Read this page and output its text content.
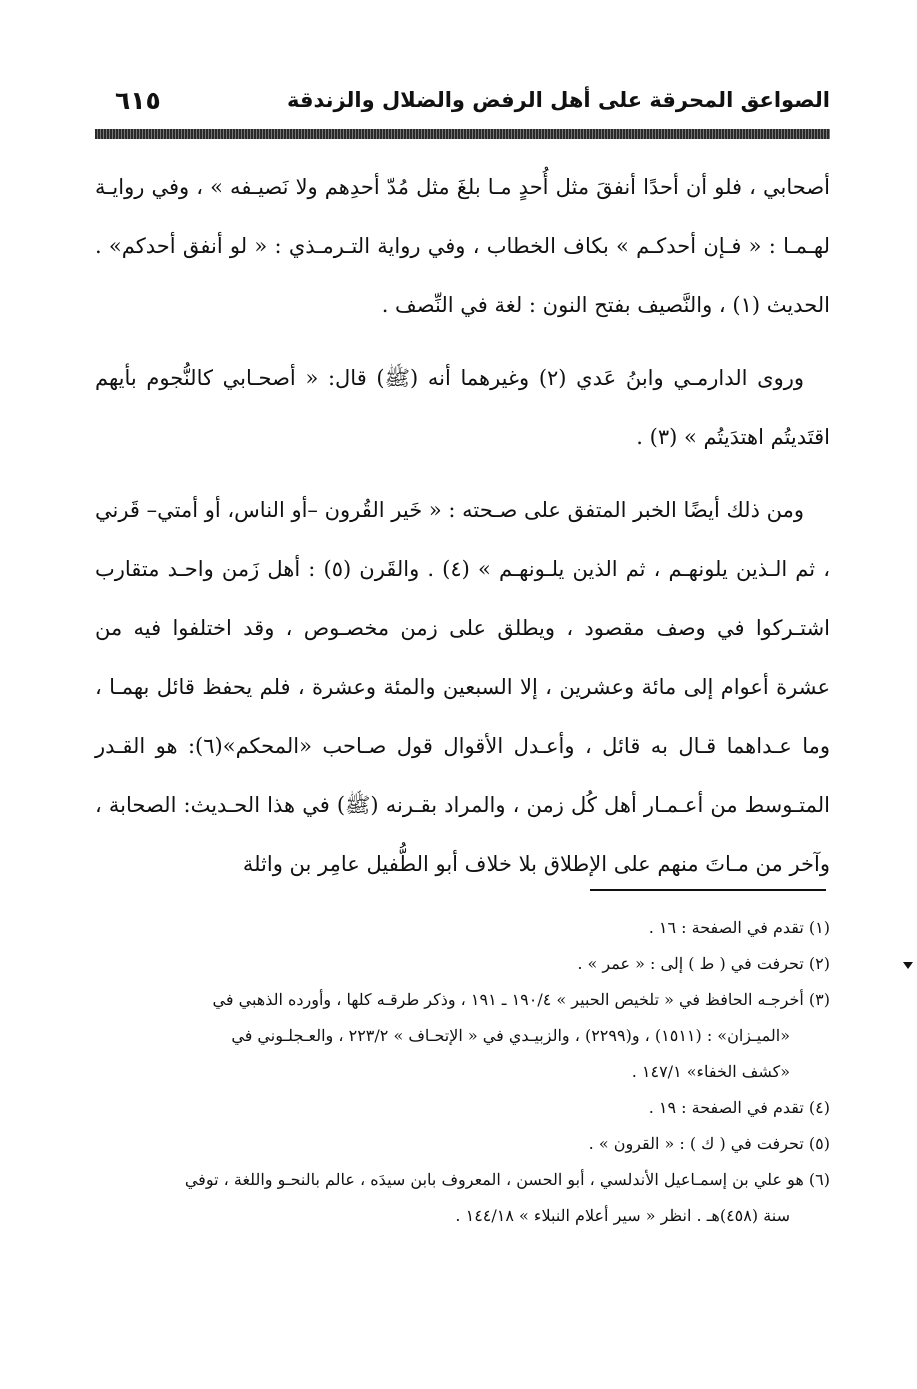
الصواعق المحرقة على أهل الرفض والضلال والزندقة
٦١٥

أصحابي ، فلو أن أحدًا أنفقَ مثل أُحدٍ مـا بلغَ مثل مُدّ أحدِهم ولا نَصيـفه » ، وفي روايـة لهـمـا : « فـإن أحدكـم » بكاف الخطاب ، وفي رواية التـرمـذي : « لو أنفق أحدكم» . الحديث (١) ، والنَّصيف بفتح النون : لغة في النِّصف .

وروى الدارمـي وابنُ عَدي (٢) وغيرهما أنه (ﷺ) قال: « أصحـابي كالنُّجوم بأيهم اقتَديتُم اهتدَيتُم » (٣) .

ومن ذلك أيضًا الخبر المتفق على صـحته : « خَير القُرون –أو الناس، أو أمتي– قَرني ، ثم الـذين يلونهـم ، ثم الذين يلـونهـم » (٤) . والقَرن (٥) : أهل زَمن واحـد متقارب اشتـركوا في وصف مقصود ، ويطلق على زمن مخصـوص ، وقد اختلفوا فيه من عشرة أعوام إلى مائة وعشرين ، إلا السبعين والمئة وعشرة ، فلم يحفظ قائل بهمـا ، وما عـداهما قـال به قائل ، وأعـدل الأقوال قول صـاحب «المحكم»(٦): هو القـدر المتـوسط من أعـمـار أهل كُل زمن ، والمراد بقـرنه (ﷺ) في هذا الحـديث: الصحابة ، وآخر من مـاتَ منهم على الإطلاق بلا خلاف أبو الطُّفيل عامِر بن واثلة

(١) تقدم في الصفحة : ١٦ .
(٢) تحرفت في ( ط ) إلى : « عمر » .
(٣) أخرجـه الحافظ في « تلخيص الحبير » ١٩٠/٤ ـ ١٩١ ، وذكر طرقـه كلها ، وأورده الذهبي في
«الميـزان» : (١٥١١) ، و(٢٢٩٩) ، والزبيـدي في « الإتحـاف » ٢٢٣/٢ ، والعـجلـوني في
«كشف الخفاء» ١٤٧/١ .
(٤) تقدم في الصفحة : ١٩ .
(٥) تحرفت في ( ك ) : « القرون » .
(٦) هو علي بن إسمـاعيل الأندلسي ، أبو الحسن ، المعروف بابن سيدَه ، عالم بالنحـو واللغة ، توفي
سنة (٤٥٨)هـ . انظر « سير أعلام النبلاء » ١٤٤/١٨ .
